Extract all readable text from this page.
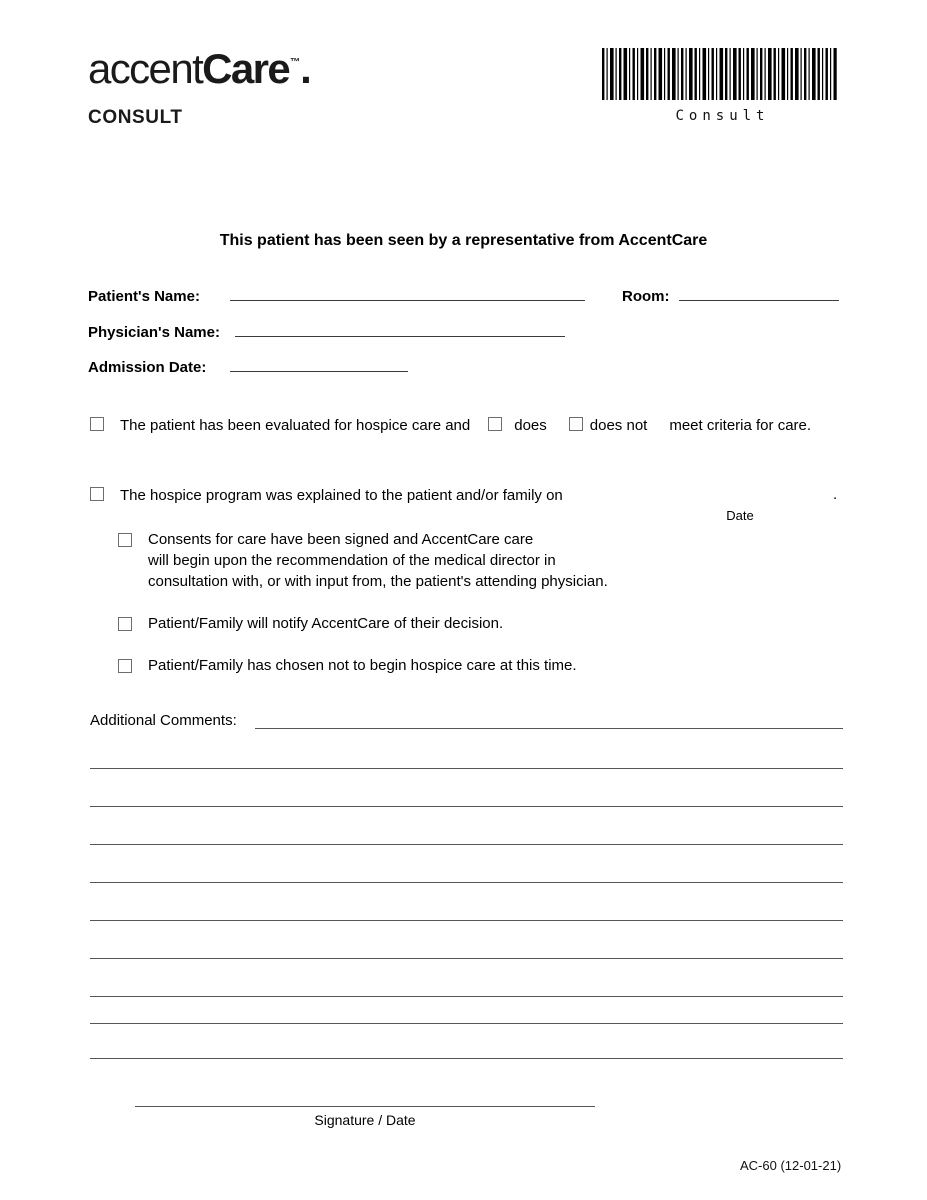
accentCare™.
CONSULT	Consult
This patient has been seen by a representative from AccentCare
Patient's Name:	Room:
Physician's Name:
Admission Date:
The patient has been evaluated for hospice care and	does	does not meet criteria for care.
The hospice program was explained to the patient and/or family on	.
Date
Consents for care have been signed and AccentCare care
will begin upon the recommendation of the medical director in
consultation with, or with input from, the patient's attending physician.
Patient/Family will notify AccentCare of their decision.
Patient/Family has chosen not to begin hospice care at this time.
Additional Comments:
Signature / Date
AC-60 (12-01-21)
